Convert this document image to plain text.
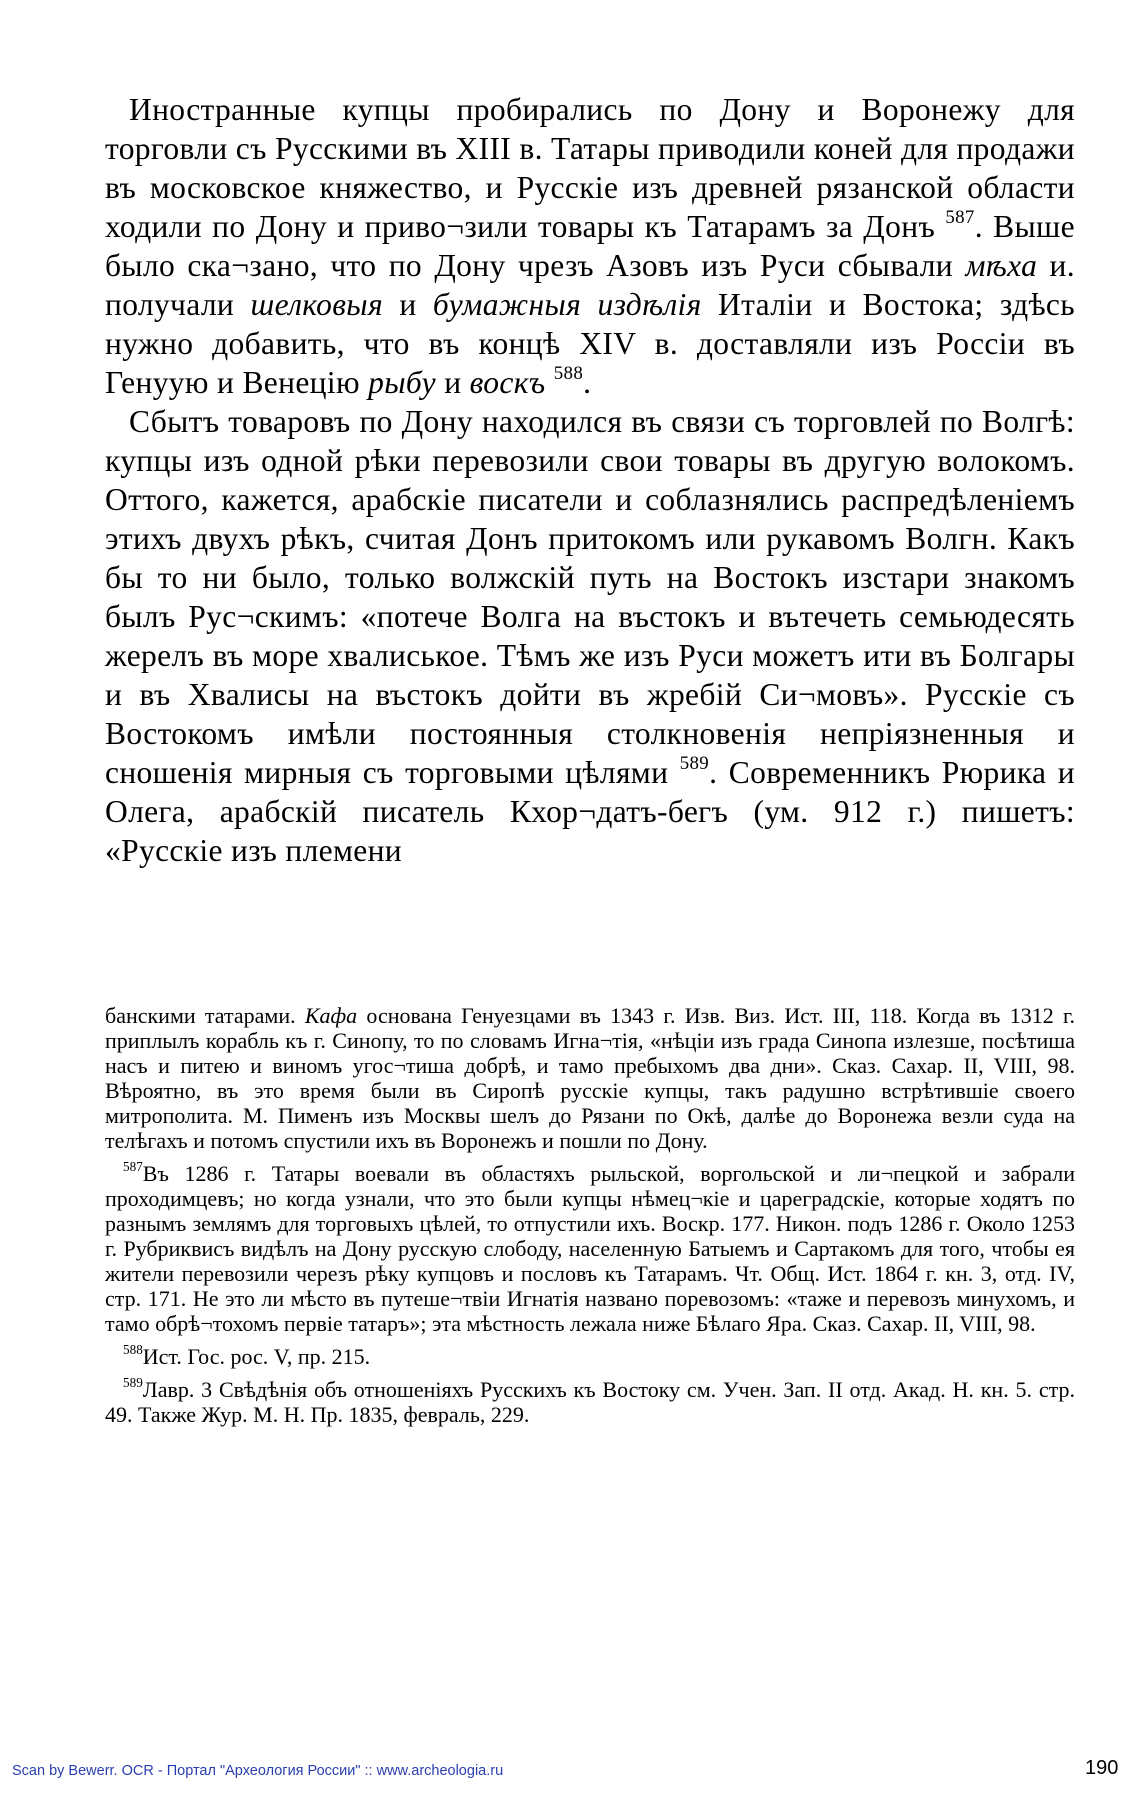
Иностранные купцы пробирались по Дону и Воронежу для торговли съ Русскими въ XIII в. Татары приводили коней для продажи въ московское княжество, и Русскіе изъ древней рязанской области ходили по Дону и приво¬зили товары къ Татарамъ за Донъ $^{587}$. Выше было ска¬зано, что по Дону чрезъ Азовъ изъ Руси сбывали мѣха и. получали шелковыя и бумажныя издѣлія Италіи и Востока; здѣсь нужно добавить, что въ концѣ XIV в. доставляли изъ Россіи въ Генуую и Венецію рыбу и воскъ $^{588}$.

Сбытъ товаровъ по Дону находился въ связи съ торговлей по Волгѣ: купцы изъ одной рѣки перевозили свои товары въ другую волокомъ. Оттого, кажется, арабскіе писатели и соблазнялись распредѣленіемъ этихъ двухъ рѣкъ, считая Донъ притокомъ или рукавомъ Волгн. Какъ бы то ни было, только волжскій путь на Востокъ изстари знакомъ былъ Рус¬скимъ: «потече Волга на въстокъ и вътечеть семьюдесять жерелъ въ море хвалиськое. Тѣмъ же изъ Руси можетъ ити въ Болгары и въ Хвалисы на въстокъ дойти въ жребій Си¬мовъ». Русскіе съ Востокомъ имѣли постоянныя столкновенія непріязненныя и сношенія мирныя съ торговыми цѣлями $^{589}$. Современникъ Рюрика и Олега, арабскій писатель Кхор¬датъ-бегъ (ум. 912 г.) пишетъ: «Русскіе изъ племени

банскими татарами. Кафа основана Генуезцами въ 1343 г. Изв. Виз. Ист. III, 118. Когда въ 1312 г. приплылъ корабль къ г. Синопу, то по словамъ Игна¬тія, «нѣціи изъ града Синопа излезше, посѣтиша насъ и питею и виномъ угос¬тиша добрѣ, и тамо пребыхомъ два дни». Сказ. Сахар. II, VIII, 98. Вѣроятно, въ это время были въ Сиропѣ русскіе купцы, такъ радушно встрѣтившіе своего митрополита. М. Пименъ изъ Москвы шелъ до Рязани по Окѣ, далѣе до Воронежа везли суда на телѣгахъ и потомъ спустили ихъ въ Воронежъ и пошли по Дону.

$^{587}$Въ 1286 г. Татары воевали въ областяхъ рыльской, воргольской и ли¬пецкой и забрали проходимцевъ; но когда узнали, что это были купцы нѣмец¬кіе и цареградскіе, которые ходятъ по разнымъ землямъ для торговыхъ цѣлей, то отпустили ихъ. Воскр. 177. Никон. подъ 1286 г. Около 1253 г. Рубриквисъ видѣлъ на Дону русскую слободу, населенную Батыемъ и Сартакомъ для того, чтобы ея жители перевозили черезъ рѣку купцовъ и пословъ къ Татарамъ. Чт. Общ. Ист. 1864 г. кн. 3, отд. IV, стр. 171. Не это ли мѣсто въ путеше¬твіи Игнатія названо поревозомъ: «таже и перевозъ минухомъ, и тамо обрѣ¬тохомъ первіе татаръ»; эта мѣстность лежала ниже Бѣлаго Яра. Сказ. Сахар. II, VIII, 98.

$^{588}$Ист. Гос. рос. V, пр. 215.

$^{589}$Лавр. 3 Свѣдѣнія объ отношеніяхъ Русскихъ къ Востоку см. Учен. Зап. II отд. Акад. Н. кн. 5. стр. 49. Также Жур. М. Н. Пр. 1835, февраль, 229.

Scan by Bewerr. OCR - Портал "Археология России" :: www.archeologia.ru	190
